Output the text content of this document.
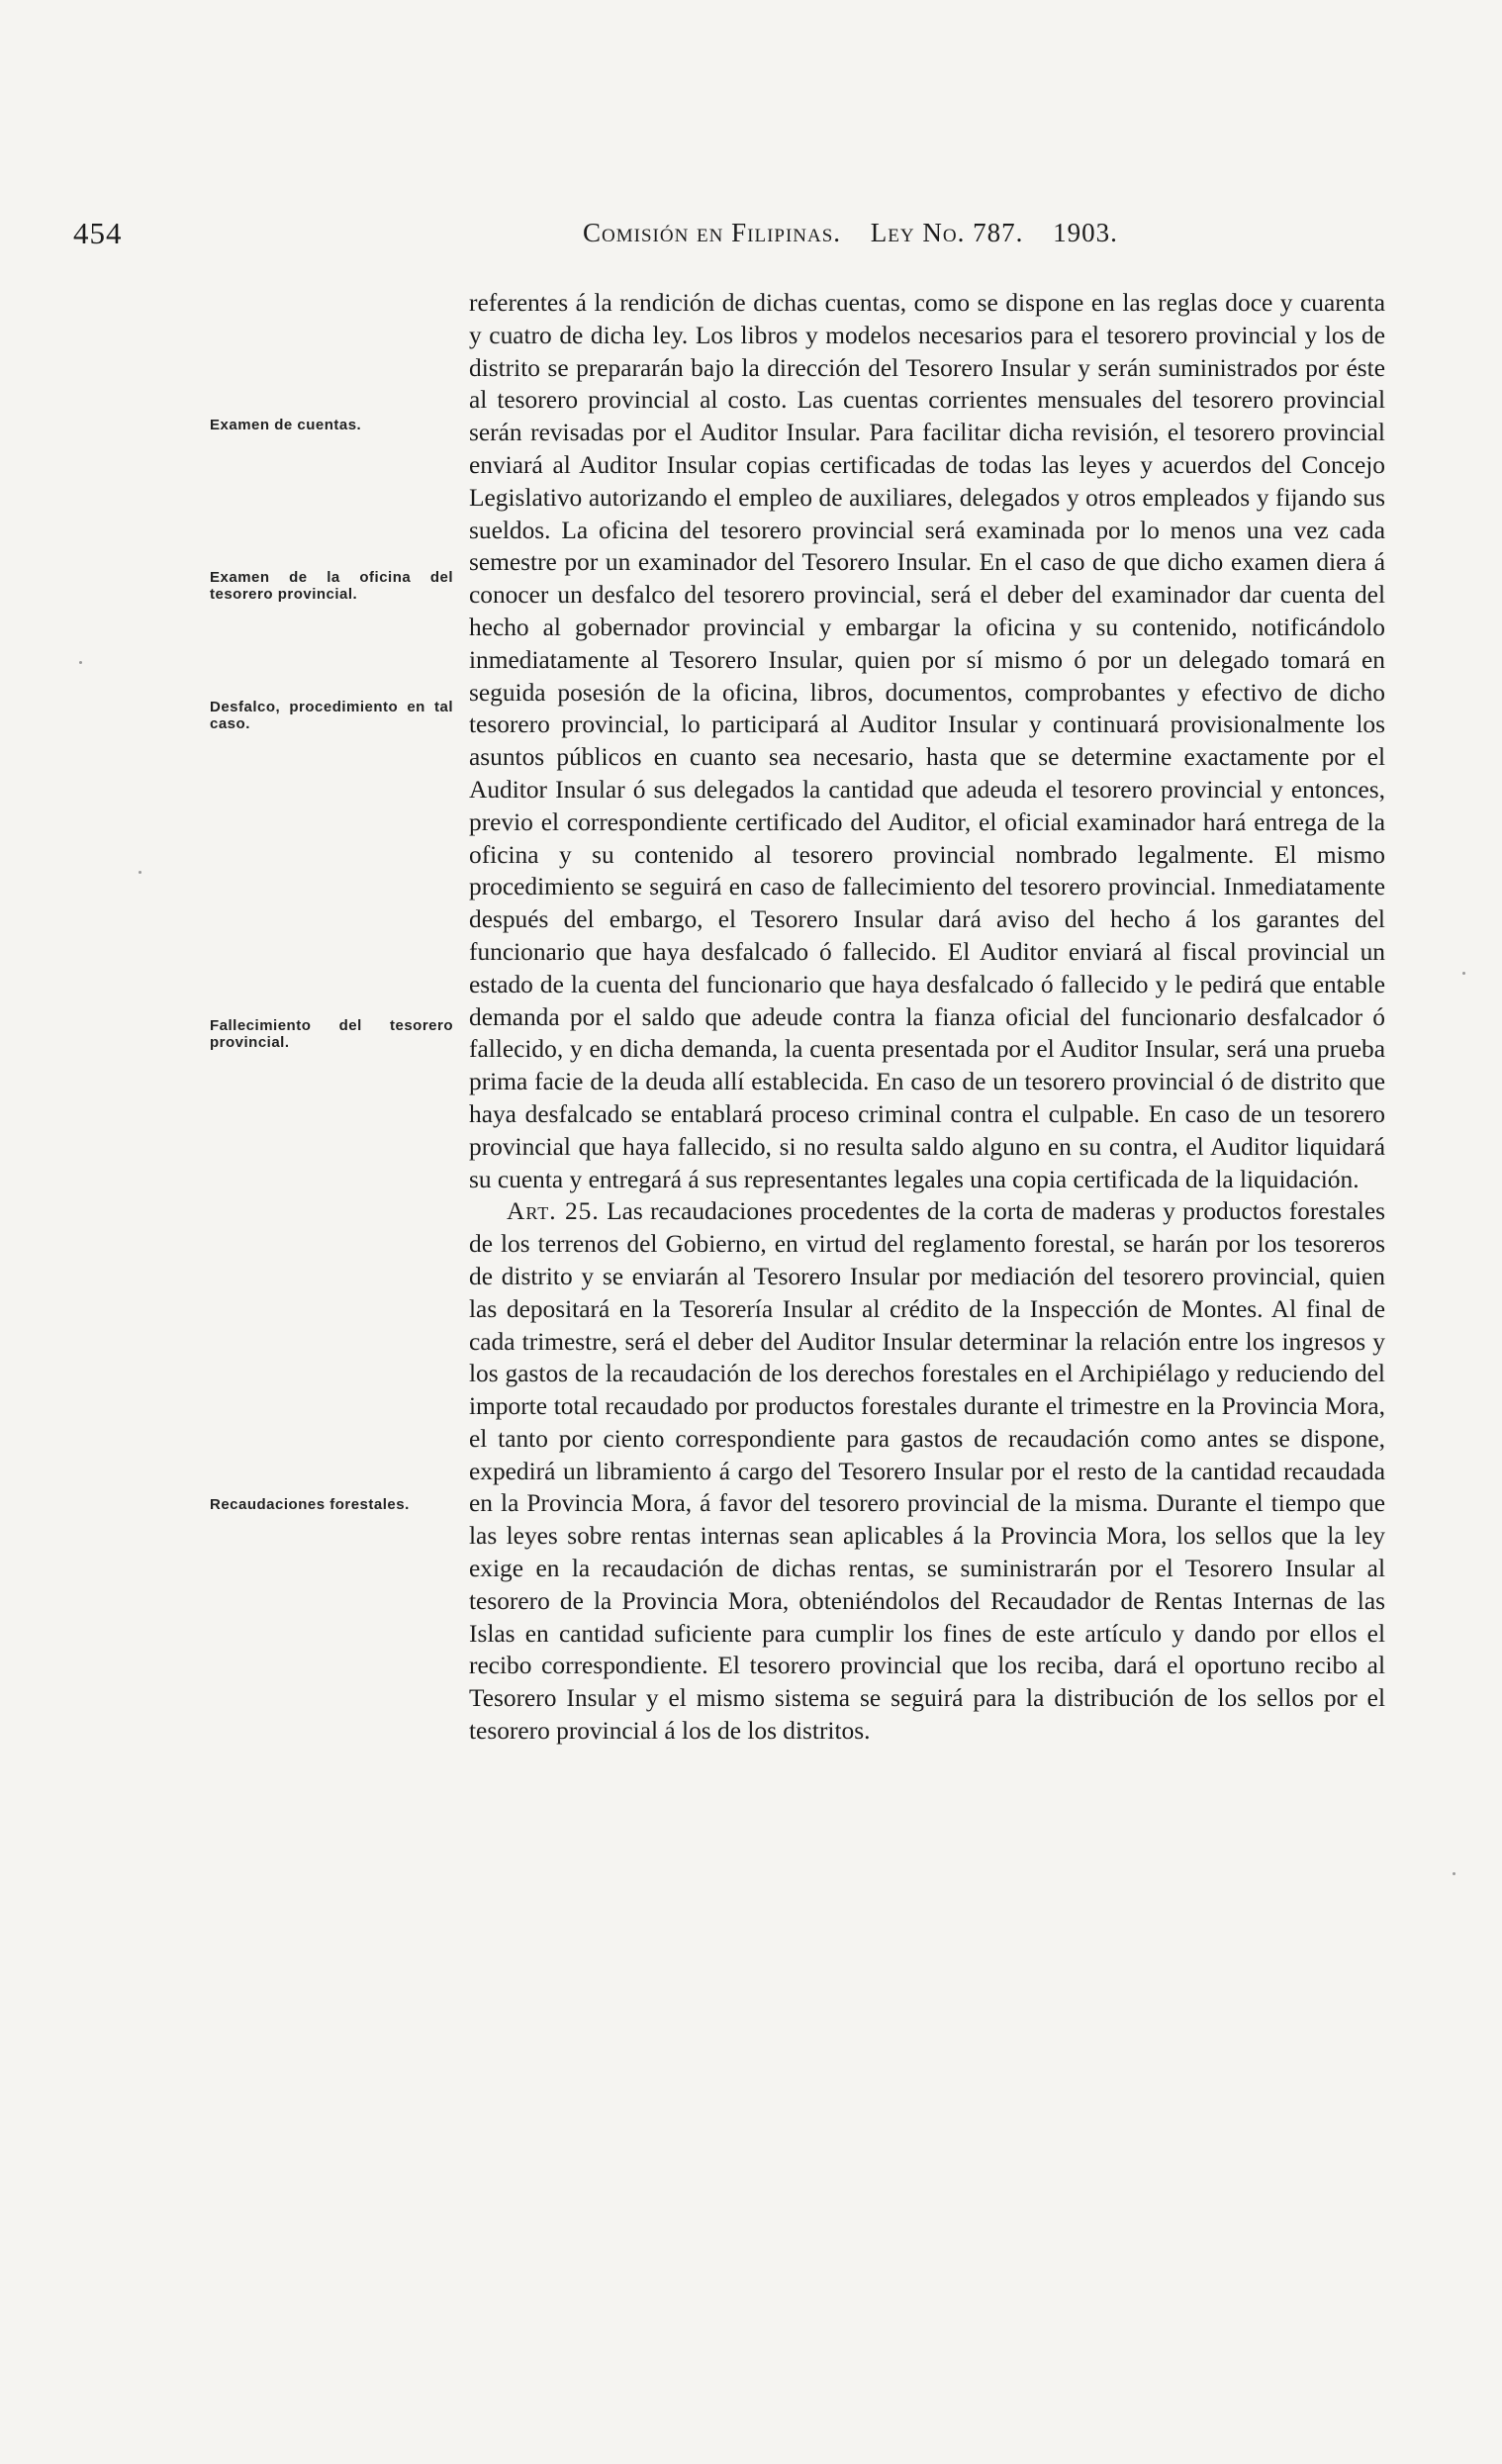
454	Comisión en Filipinas. Ley No. 787. 1903.
Examen de cuentas.
Examen de la oficina del tesorero provincial.
Desfalco, procedimiento en tal caso.
Fallecimiento del tesorero provincial.
Recaudaciones forestales.

referentes á la rendición de dichas cuentas, como se dispone en las reglas doce y cuarenta y cuatro de dicha ley. Los libros y modelos necesarios para el tesorero provincial y los de distrito se prepararán bajo la dirección del Tesorero Insular y serán suministrados por éste al tesorero provincial al costo. Las cuentas corrientes mensuales del tesorero provincial serán revisadas por el Auditor Insular. Para facilitar dicha revisión, el tesorero provincial enviará al Auditor Insular copias certificadas de todas las leyes y acuerdos del Concejo Legislativo autorizando el empleo de auxiliares, delegados y otros empleados y fijando sus sueldos. La oficina del tesorero provincial será examinada por lo menos una vez cada semestre por un examinador del Tesorero Insular. En el caso de que dicho examen diera á conocer un desfalco del tesorero provincial, será el deber del examinador dar cuenta del hecho al gobernador provincial y embargar la oficina y su contenido, notificándolo inmediatamente al Tesorero Insular, quien por sí mismo ó por un delegado tomará en seguida posesión de la oficina, libros, documentos, comprobantes y efectivo de dicho tesorero provincial, lo participará al Auditor Insular y continuará provisionalmente los asuntos públicos en cuanto sea necesario, hasta que se determine exactamente por el Auditor Insular ó sus delegados la cantidad que adeuda el tesorero provincial y entonces, previo el correspondiente certificado del Auditor, el oficial examinador hará entrega de la oficina y su contenido al tesorero provincial nombrado legalmente. El mismo procedimiento se seguirá en caso de fallecimiento del tesorero provincial. Inmediatamente después del embargo, el Tesorero Insular dará aviso del hecho á los garantes del funcionario que haya desfalcado ó fallecido. El Auditor enviará al fiscal provincial un estado de la cuenta del funcionario que haya desfalcado ó fallecido y le pedirá que entable demanda por el saldo que adeude contra la fianza oficial del funcionario desfalcador ó fallecido, y en dicha demanda, la cuenta presentada por el Auditor Insular, será una prueba prima facie de la deuda allí establecida. En caso de un tesorero provincial ó de distrito que haya desfalcado se entablará proceso criminal contra el culpable. En caso de un tesorero provincial que haya fallecido, si no resulta saldo alguno en su contra, el Auditor liquidará su cuenta y entregará á sus representantes legales una copia certificada de la liquidación.

Art. 25. Las recaudaciones procedentes de la corta de maderas y productos forestales de los terrenos del Gobierno, en virtud del reglamento forestal, se harán por los tesoreros de distrito y se enviarán al Tesorero Insular por mediación del tesorero provincial, quien las depositará en la Tesorería Insular al crédito de la Inspección de Montes. Al final de cada trimestre, será el deber del Auditor Insular determinar la relación entre los ingresos y los gastos de la recaudación de los derechos forestales en el Archipiélago y reduciendo del importe total recaudado por productos forestales durante el trimestre en la Provincia Mora, el tanto por ciento correspondiente para gastos de recaudación como antes se dispone, expedirá un libramiento á cargo del Tesorero Insular por el resto de la cantidad recaudada en la Provincia Mora, á favor del tesorero provincial de la misma. Durante el tiempo que las leyes sobre rentas internas sean aplicables á la Provincia Mora, los sellos que la ley exige en la recaudación de dichas rentas, se suministrarán por el Tesorero Insular al tesorero de la Provincia Mora, obteniéndolos del Recaudador de Rentas Internas de las Islas en cantidad suficiente para cumplir los fines de este artículo y dando por ellos el recibo correspondiente. El tesorero provincial que los reciba, dará el oportuno recibo al Tesorero Insular y el mismo sistema se seguirá para la distribución de los sellos por el tesorero provincial á los de los distritos.
